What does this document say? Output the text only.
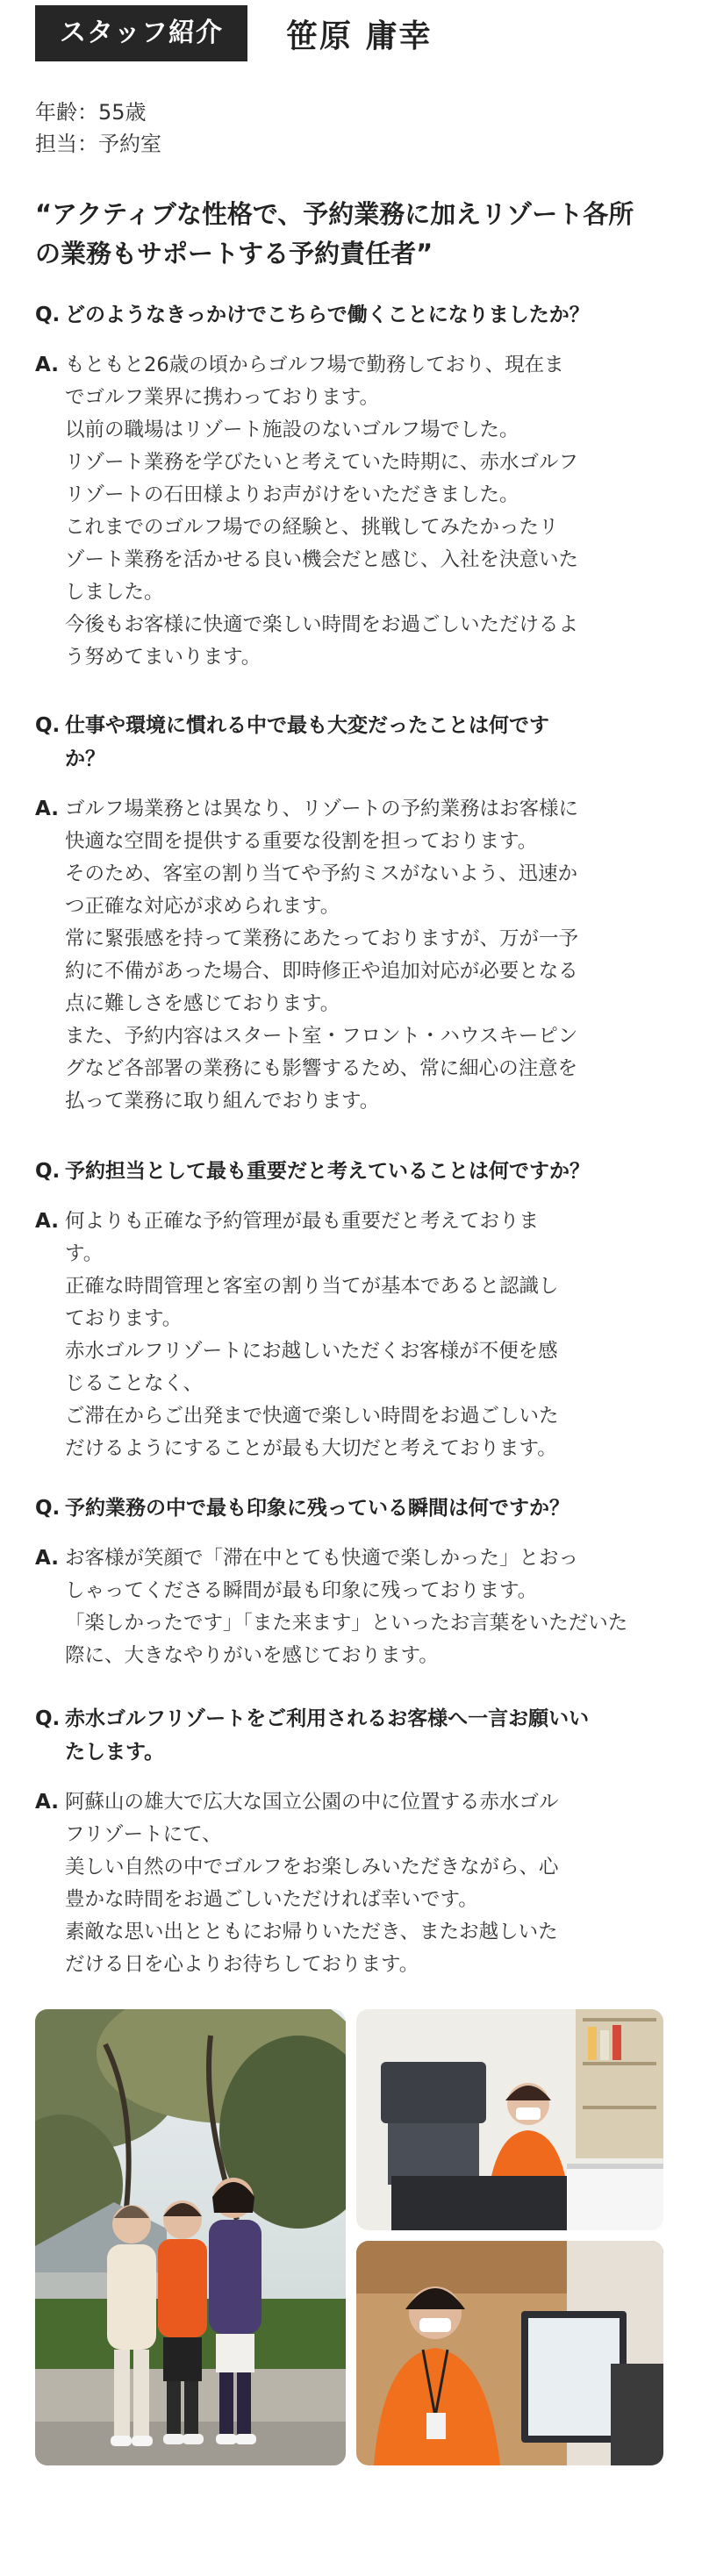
スタッフ紹介	笹原 庸幸
年齢：55歳
担当：予約室
“アクティブな性格で、予約業務に加えリゾート各所
の業務もサポートする予約責任者”
Q. どのようなきっかけでこちらで働くことになりましたか？
A. もともと26歳の頃からゴルフ場で勤務しており、現在ま
でゴルフ業界に携わっております。
以前の職場はリゾート施設のないゴルフ場でした。
リゾート業務を学びたいと考えていた時期に、赤水ゴルフ
リゾートの石田様よりお声がけをいただきました。
これまでのゴルフ場での経験と、挑戦してみたかったリ
ゾート業務を活かせる良い機会だと感じ、入社を決意いた
しました。
今後もお客様に快適で楽しい時間をお過ごしいただけるよ
う努めてまいります。
Q. 仕事や環境に慣れる中で最も大変だったことは何です
か？
A. ゴルフ場業務とは異なり、リゾートの予約業務はお客様に
快適な空間を提供する重要な役割を担っております。
そのため、客室の割り当てや予約ミスがないよう、迅速か
つ正確な対応が求められます。
常に緊張感を持って業務にあたっておりますが、万が一予
約に不備があった場合、即時修正や追加対応が必要となる
点に難しさを感じております。
また、予約内容はスタート室・フロント・ハウスキーピン
グなど各部署の業務にも影響するため、常に細心の注意を
払って業務に取り組んでおります。
Q. 予約担当として最も重要だと考えていることは何ですか？
A. 何よりも正確な予約管理が最も重要だと考えておりま
す。
正確な時間管理と客室の割り当てが基本であると認識し
ております。
赤水ゴルフリゾートにお越しいただくお客様が不便を感
じることなく、
ご滞在からご出発まで快適で楽しい時間をお過ごしいた
だけるようにすることが最も大切だと考えております。
Q. 予約業務の中で最も印象に残っている瞬間は何ですか？
A. お客様が笑顔で「滞在中とても快適で楽しかった」とおっ
しゃってくださる瞬間が最も印象に残っております。
「楽しかったです」「また来ます」といったお言葉をいただいた
際に、大きなやりがいを感じております。
Q. 赤水ゴルフリゾートをご利用されるお客様へ一言お願いい
たします。
A. 阿蘇山の雄大で広大な国立公園の中に位置する赤水ゴル
フリゾートにて、
美しい自然の中でゴルフをお楽しみいただきながら、心
豊かな時間をお過ごしいただければ幸いです。
素敵な思い出とともにお帰りいただき、またお越しいた
だける日を心よりお待ちしております。
